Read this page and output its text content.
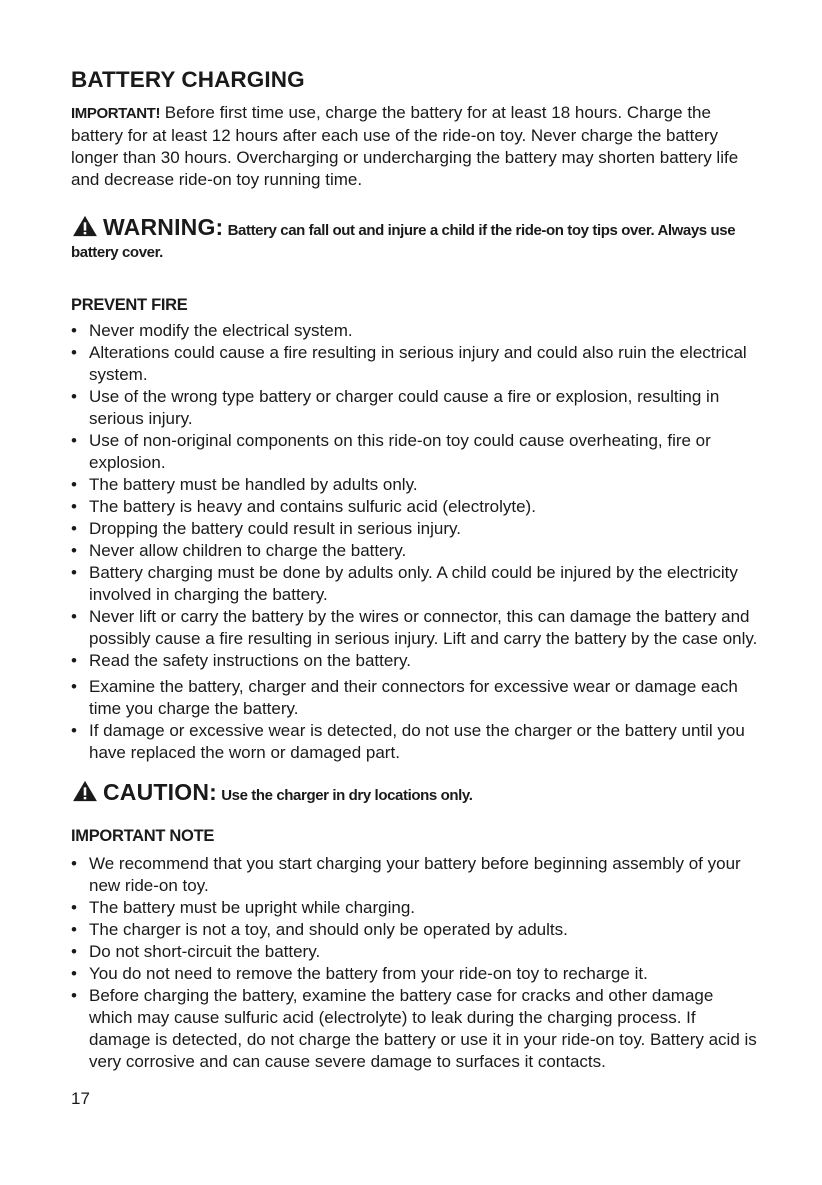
BATTERY CHARGING

IMPORTANT! Before first time use, charge the battery for at least 18 hours. Charge the battery for at least 12 hours after each use of the ride-on toy. Never charge the battery longer than 30 hours. Overcharging or undercharging the battery may shorten battery life and decrease ride-on toy running time.

WARNING: Battery can fall out and injure a child if the ride-on toy tips over. Always use battery cover.

PREVENT FIRE
• Never modify the electrical system.
• Alterations could cause a fire resulting in serious injury and could also ruin the electrical system.
• Use of the wrong type battery or charger could cause a fire or explosion, resulting in serious injury.
• Use of non-original components on this ride-on toy could cause overheating, fire or explosion.
• The battery must be handled by adults only.
• The battery is heavy and contains sulfuric acid (electrolyte).
• Dropping the battery could result in serious injury.
• Never allow children to charge the battery.
• Battery charging must be done by adults only. A child could be injured by the electricity involved in charging the battery.
• Never lift or carry the battery by the wires or connector, this can damage the battery and possibly cause a fire resulting in serious injury. Lift and carry the battery by the case only.
• Read the safety instructions on the battery.
• Examine the battery, charger and their connectors for excessive wear or damage each time you charge the battery.
• If damage or excessive wear is detected, do not use the charger or the battery until you have replaced the worn or damaged part.

CAUTION: Use the charger in dry locations only.

IMPORTANT NOTE
• We recommend that you start charging your battery before beginning assembly of your new ride-on toy.
• The battery must be upright while charging.
• The charger is not a toy, and should only be operated by adults.
• Do not short-circuit the battery.
• You do not need to remove the battery from your ride-on toy to recharge it.
• Before charging the battery, examine the battery case for cracks and other damage which may cause sulfuric acid (electrolyte) to leak during the charging process. If damage is detected, do not charge the battery or use it in your ride-on toy. Battery acid is very corrosive and can cause severe damage to surfaces it contacts.
17
